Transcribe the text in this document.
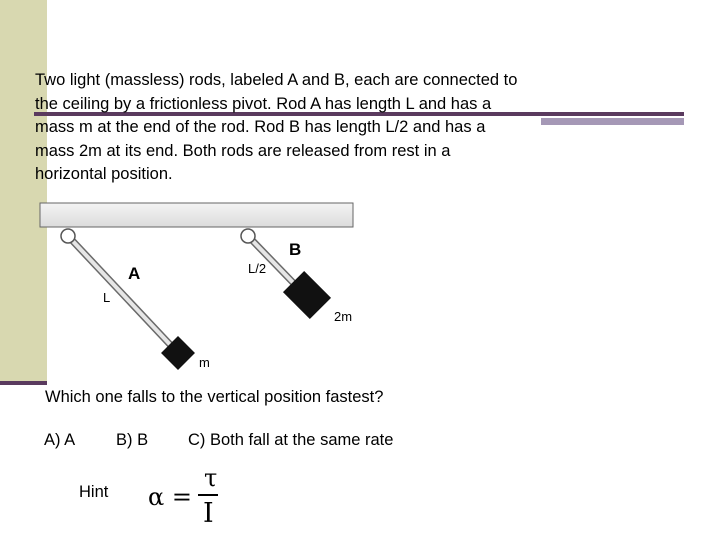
Two light (massless) rods, labeled A and B, each are connected to
the ceiling by a frictionless pivot. Rod A has length L and has a
mass m at the end of the rod. Rod B has length L/2 and has a
mass 2m at its end. Both rods are released from rest in a
horizontal position.
A
L
m
B
L/2
2m
Which one falls to the vertical position fastest?
A) A B) B C) Both fall at the same rate
Hint α =
τ
I
